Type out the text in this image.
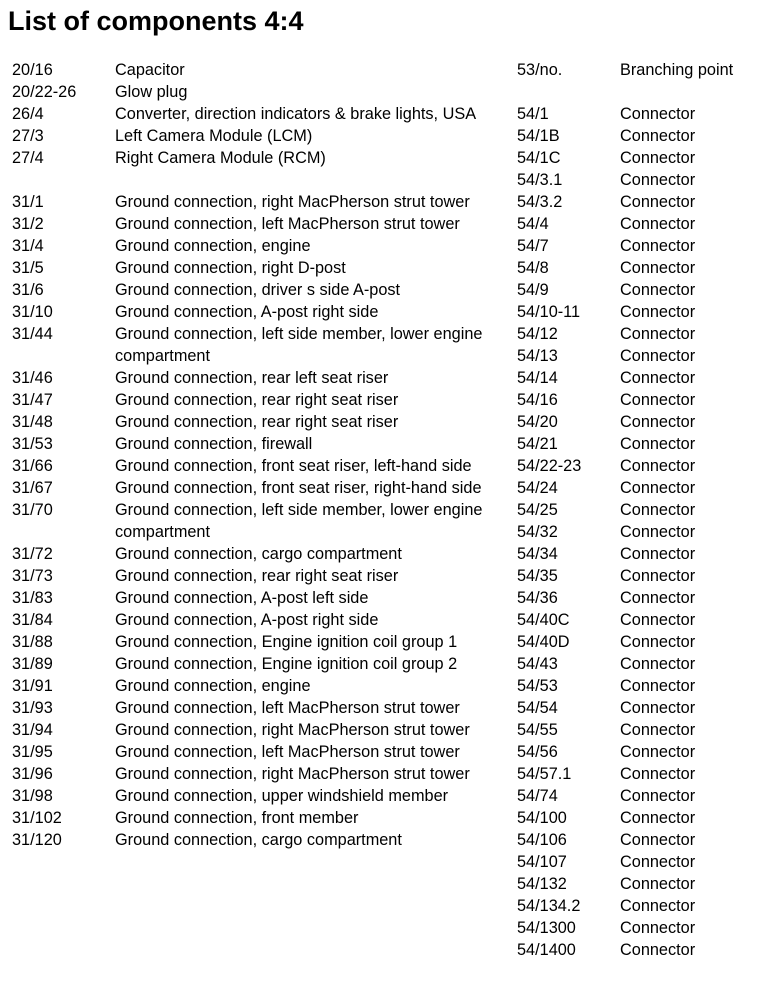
List of components 4:4
20/16	Capacitor
20/22-26	Glow plug
26/4	Converter, direction indicators & brake lights, USA
27/3	Left Camera Module (LCM)
27/4	Right Camera Module (RCM)
31/1	Ground connection, right MacPherson strut tower
31/2	Ground connection, left MacPherson strut tower
31/4	Ground connection, engine
31/5	Ground connection, right D-post
31/6	Ground connection, driver s side A-post
31/10	Ground connection, A-post right side
31/44	Ground connection, left side member, lower engine compartment
31/46	Ground connection, rear left seat riser
31/47	Ground connection, rear right seat riser
31/48	Ground connection, rear right seat riser
31/53	Ground connection, firewall
31/66	Ground connection, front seat riser, left-hand side
31/67	Ground connection, front seat riser, right-hand side
31/70	Ground connection, left side member, lower engine compartment
31/72	Ground connection, cargo compartment
31/73	Ground connection, rear right seat riser
31/83	Ground connection, A-post left side
31/84	Ground connection, A-post right side
31/88	Ground connection, Engine ignition coil group 1
31/89	Ground connection, Engine ignition coil group 2
31/91	Ground connection, engine
31/93	Ground connection, left MacPherson strut tower
31/94	Ground connection, right MacPherson strut tower
31/95	Ground connection, left MacPherson strut tower
31/96	Ground connection, right MacPherson strut tower
31/98	Ground connection, upper windshield member
31/102	Ground connection, front member
31/120	Ground connection, cargo compartment
53/no.	Branching point
54/1	Connector
54/1B	Connector
54/1C	Connector
54/3.1	Connector
54/3.2	Connector
54/4	Connector
54/7	Connector
54/8	Connector
54/9	Connector
54/10-11	Connector
54/12	Connector
54/13	Connector
54/14	Connector
54/16	Connector
54/20	Connector
54/21	Connector
54/22-23	Connector
54/24	Connector
54/25	Connector
54/32	Connector
54/34	Connector
54/35	Connector
54/36	Connector
54/40C	Connector
54/40D	Connector
54/43	Connector
54/53	Connector
54/54	Connector
54/55	Connector
54/56	Connector
54/57.1	Connector
54/74	Connector
54/100	Connector
54/106	Connector
54/107	Connector
54/132	Connector
54/134.2	Connector
54/1300	Connector
54/1400	Connector
